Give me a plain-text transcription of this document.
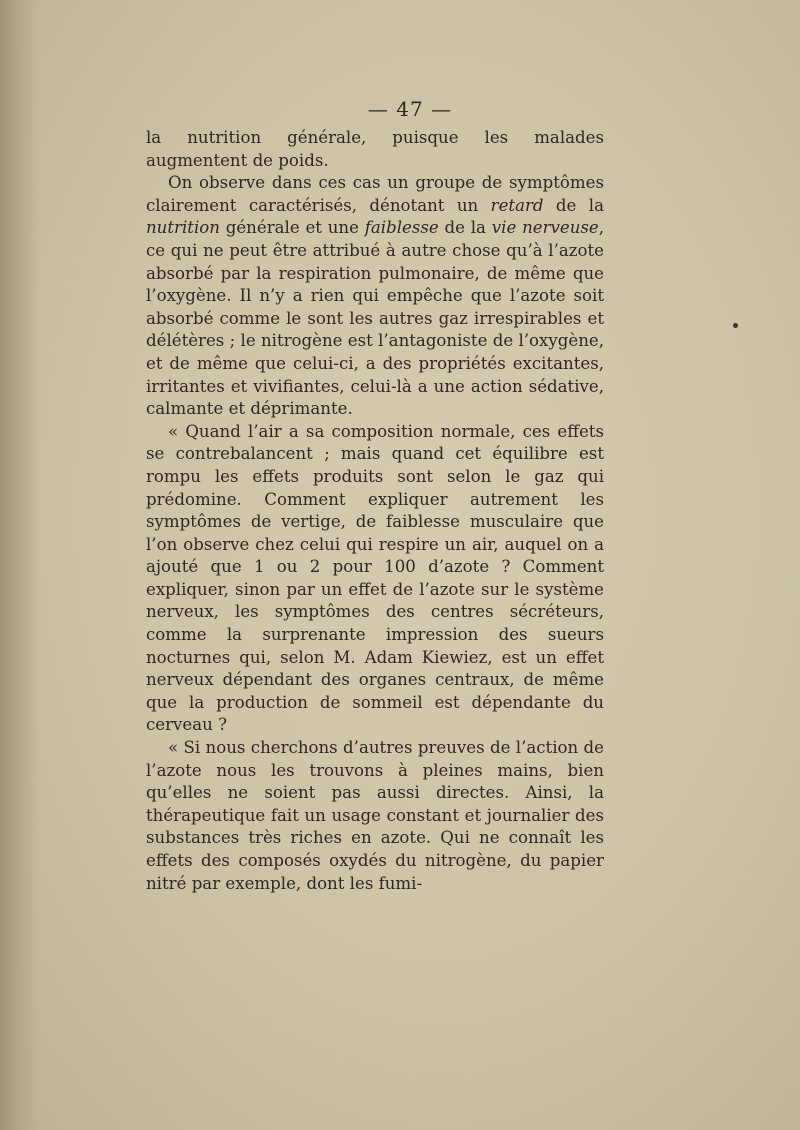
— 47 —

la nutrition générale, puisque les malades augmentent de poids.

On observe dans ces cas un groupe de symptômes clairement caractérisés, dénotant un retard de la nutrition générale et une faiblesse de la vie nerveuse, ce qui ne peut être attribué à autre chose qu’à l’azote absorbé par la respiration pulmonaire, de même que l’oxygène. Il n’y a rien qui empêche que l’azote soit absorbé comme le sont les autres gaz irrespirables et délétères ; le nitrogène est l’antagoniste de l’oxygène, et de même que celui-ci, a des propriétés excitantes, irritantes et vivifiantes, celui-là a une action sédative, calmante et déprimante.

« Quand l’air a sa composition normale, ces effets se contrebalancent ; mais quand cet équilibre est rompu les effets produits sont selon le gaz qui prédomine. Comment expliquer autrement les symptômes de vertige, de faiblesse musculaire que l’on observe chez celui qui respire un air, auquel on a ajouté que 1 ou 2 pour 100 d’azote ? Comment expliquer, sinon par un effet de l’azote sur le système nerveux, les symptômes des centres sécréteurs, comme la surprenante impression des sueurs nocturnes qui, selon M. Adam Kiewiez, est un effet nerveux dépendant des organes centraux, de même que la production de sommeil est dépendante du cerveau ?

« Si nous cherchons d’autres preuves de l’action de l’azote nous les trouvons à pleines mains, bien qu’elles ne soient pas aussi directes. Ainsi, la thérapeutique fait un usage constant et journalier des substances très riches en azote. Qui ne connaît les effets des composés oxydés du nitrogène, du papier nitré par exemple, dont les fumi-
